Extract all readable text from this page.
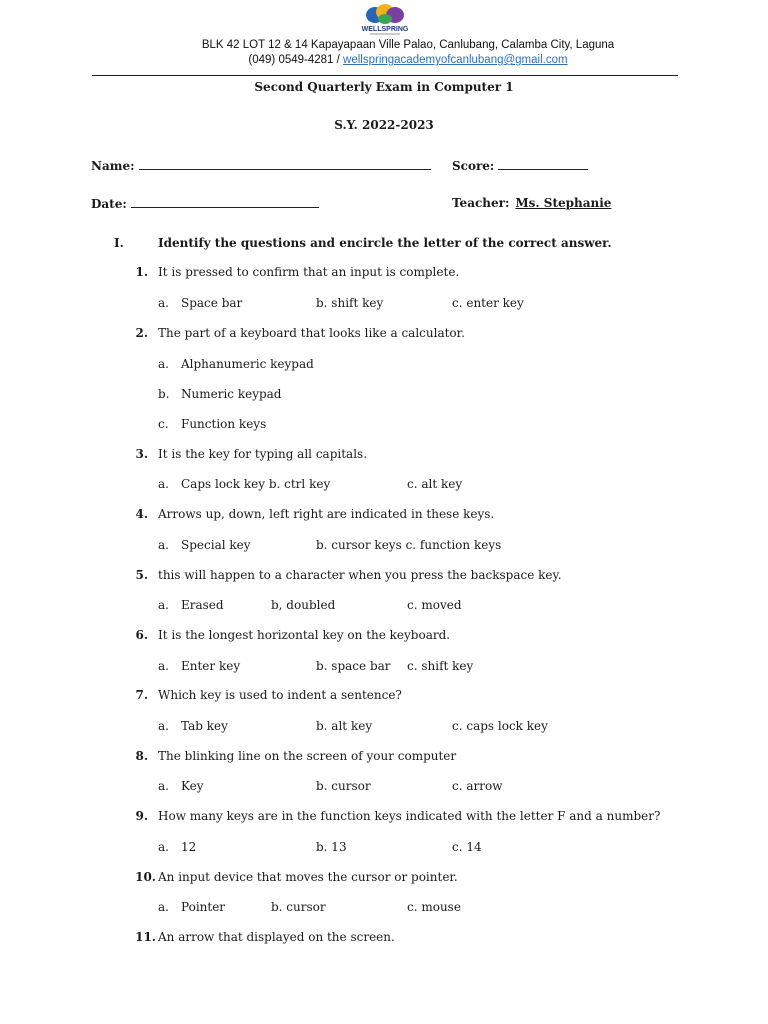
WELLSPRING
BLK 42 LOT 12 & 14 Kapayapaan Ville Palao, Canlubang, Calamba City, Laguna
(049) 0549-4281 / wellspringacademyofcanlubang@gmail.com
Second Quarterly Exam in Computer 1
S.Y. 2022-2023
Name:	Score:
Date:	Teacher: Ms. Stephanie
I.	Identify the questions and encircle the letter of the correct answer.
1. It is pressed to confirm that an input is complete.
a. Space bar	b. shift key	c. enter key
2. The part of a keyboard that looks like a calculator.
a. Alphanumeric keypad
b. Numeric keypad
c. Function keys
3. It is the key for typing all capitals.
a. Caps lock key b. ctrl key	c. alt key
4. Arrows up, down, left right are indicated in these keys.
a. Special key	b. cursor keys c. function keys
5. this will happen to a character when you press the backspace key.
a. Erased	b, doubled	c. moved
6. It is the longest horizontal key on the keyboard.
a. Enter key	b. space bar c. shift key
7. Which key is used to indent a sentence?
a. Tab key	b. alt key	c. caps lock key
8. The blinking line on the screen of your computer
a. Key	b. cursor	c. arrow
9. How many keys are in the function keys indicated with the letter F and a number?
a. 12	b. 13	c. 14
10. An input device that moves the cursor or pointer.
a. Pointer	b. cursor	c. mouse
11. An arrow that displayed on the screen.
